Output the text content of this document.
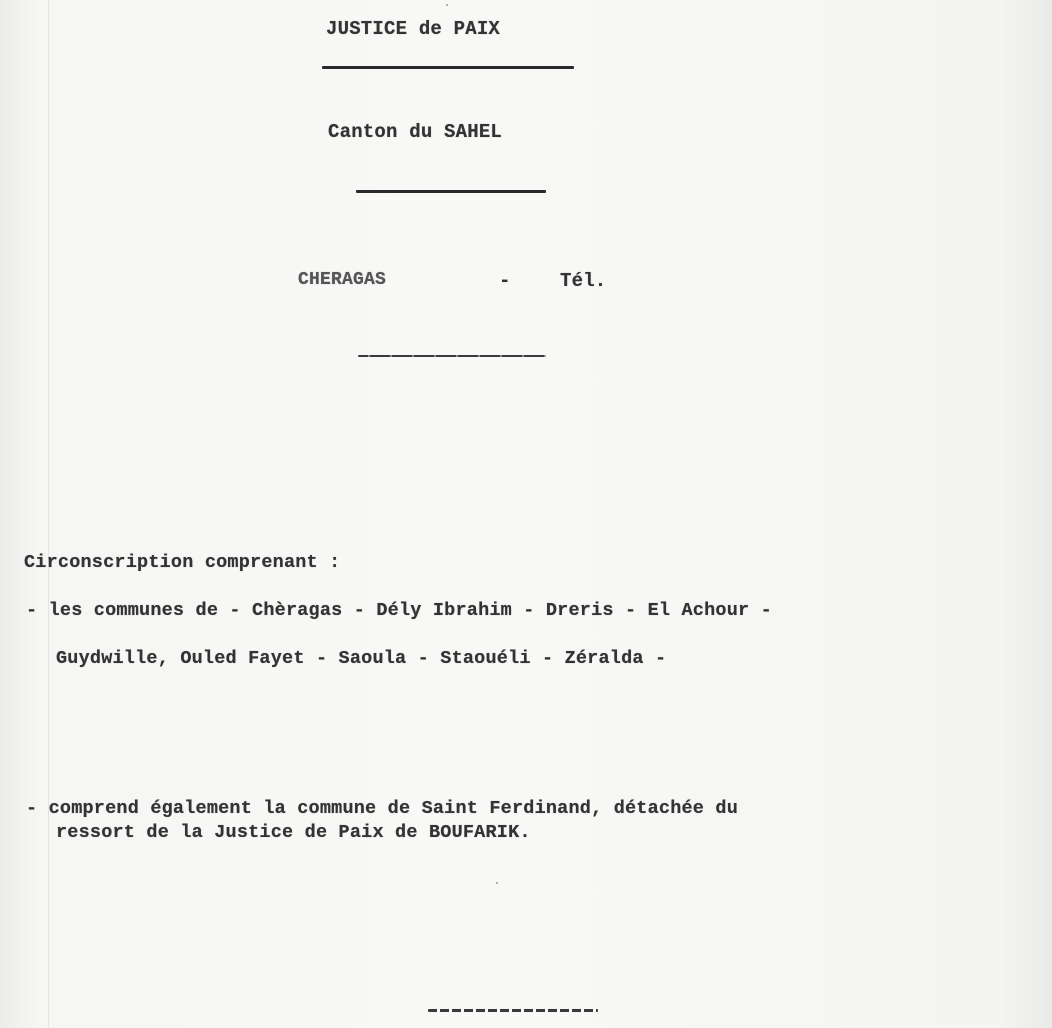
JUSTICE de PAIX
Canton du SAHEL
CHERAGAS	-	Tél.
Circonscription comprenant :
- les communes de - Chèragas - Dély Ibrahim - Dreris - El Achour -
Guydwille, Ouled Fayet - Saoula - Staouéli - Zéralda -
- comprend également la commune de Saint Ferdinand, détachée du
ressort de la Justice de Paix de BOUFARIK.
